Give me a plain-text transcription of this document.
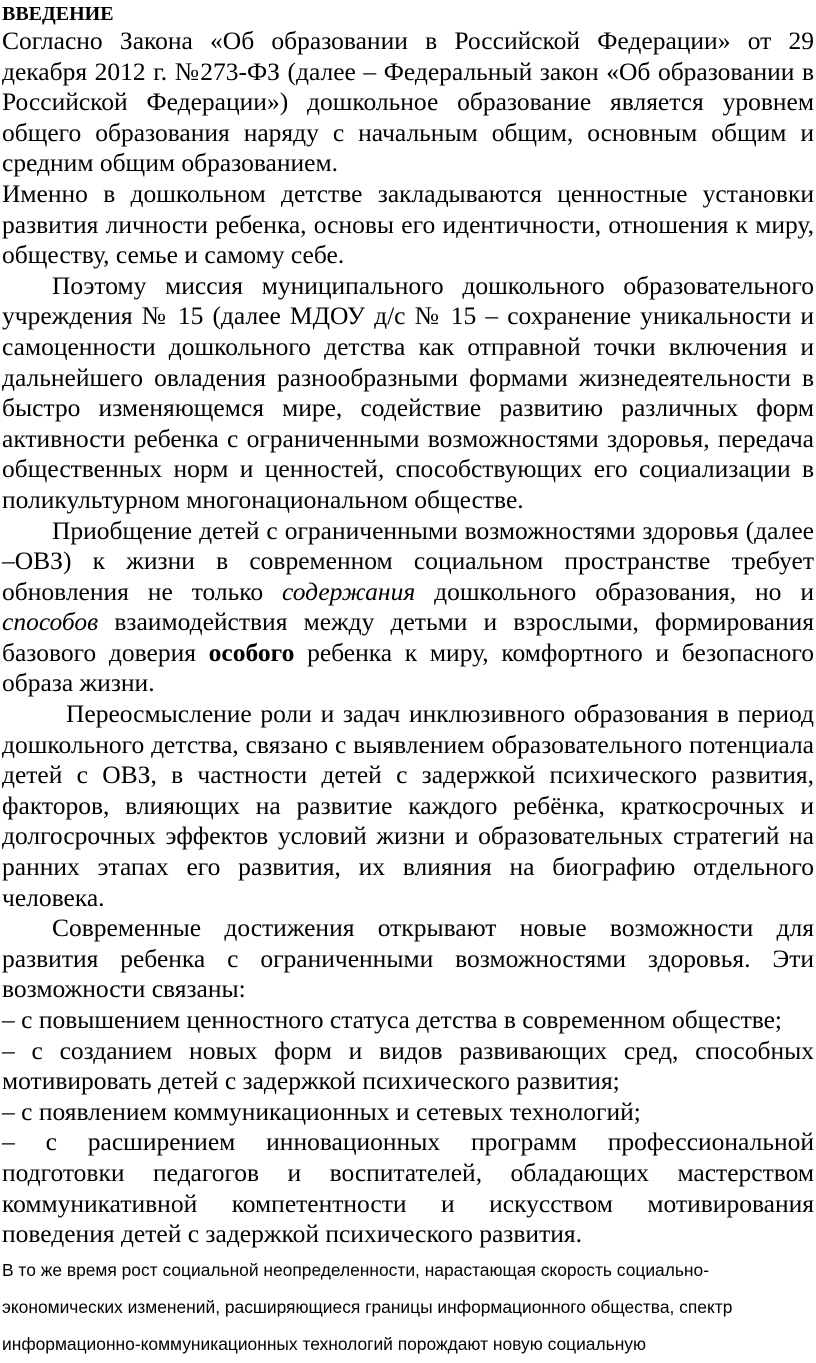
ВВЕДЕНИЕ

Согласно Закона «Об образовании в Российской Федерации» от 29 декабря 2012 г. №273-ФЗ (далее – Федеральный закон «Об образовании в Российской Федерации») дошкольное образование является уровнем общего образования наряду с начальным общим, основным общим и средним общим образованием.

Именно в дошкольном детстве закладываются ценностные установки развития личности ребенка, основы его идентичности, отношения к миру, обществу, семье и самому себе.

Поэтому миссия муниципального дошкольного образовательного учреждения № 15 (далее МДОУ д/с № 15 – сохранение уникальности и самоценности дошкольного детства как отправной точки включения и дальнейшего овладения разнообразными формами жизнедеятельности в быстро изменяющемся мире, содействие развитию различных форм активности ребенка с ограниченными возможностями здоровья, передача общественных норм и ценностей, способствующих его социализации в поликультурном многонациональном обществе.

Приобщение детей с ограниченными возможностями здоровья (далее –ОВЗ) к жизни в современном социальном пространстве требует обновления не только содержания дошкольного образования, но и способов взаимодействия между детьми и взрослыми, формирования базового доверия особого ребенка к миру, комфортного и безопасного образа жизни.

Переосмысление роли и задач инклюзивного образования в период дошкольного детства, связано с выявлением образовательного потенциала детей с ОВЗ, в частности детей с задержкой психического развития, факторов, влияющих на развитие каждого ребёнка, краткосрочных и долгосрочных эффектов условий жизни и образовательных стратегий на ранних этапах его развития, их влияния на биографию отдельного человека.

Современные достижения открывают новые возможности для развития ребенка с ограниченными возможностями здоровья. Эти возможности связаны:

– с повышением ценностного статуса детства в современном обществе;

– с созданием новых форм и видов развивающих сред, способных мотивировать детей с задержкой психического развития;

– с появлением коммуникационных и сетевых технологий;

– с расширением инновационных программ профессиональной подготовки педагогов и воспитателей, обладающих мастерством коммуникативной компетентности и искусством мотивирования поведения детей с задержкой психического развития.

В то же время рост социальной неопределенности, нарастающая скорость социально-экономических изменений, расширяющиеся границы информационного общества, спектр информационно-коммуникационных технологий порождают новую социальную
